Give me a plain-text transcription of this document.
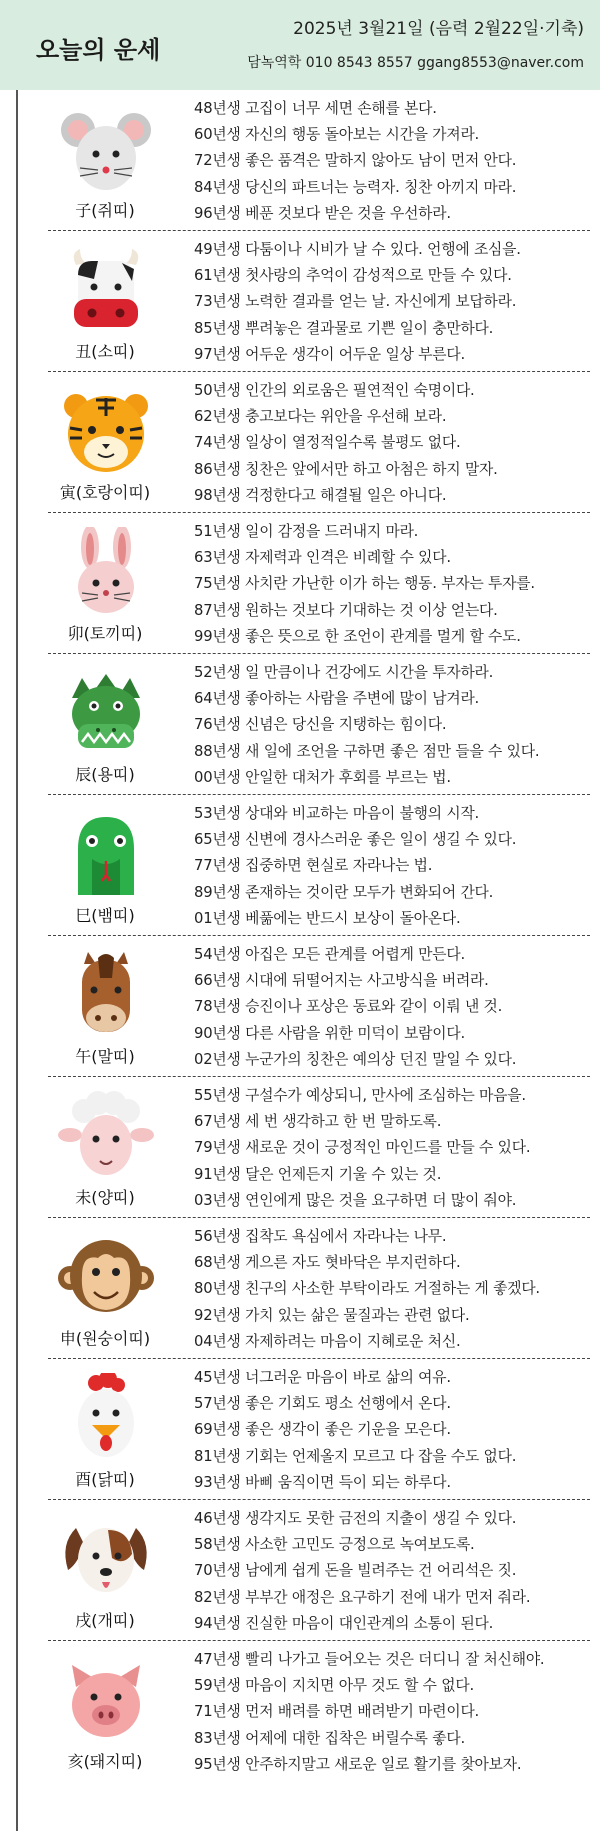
오늘의 운세
2025년 3월21일 (음력 2월22일·기축)
담녹역학 010 8543 8557 ggang8553@naver.com
子(쥐띠)
48년생 고집이 너무 세면 손해를 본다.
60년생 자신의 행동 돌아보는 시간을 가져라.
72년생 좋은 품격은 말하지 않아도 남이 먼저 안다.
84년생 당신의 파트너는 능력자. 칭찬 아끼지 마라.
96년생 베푼 것보다 받은 것을 우선하라.
丑(소띠)
49년생 다툼이나 시비가 날 수 있다. 언행에 조심을.
61년생 첫사랑의 추억이 감성적으로 만들 수 있다.
73년생 노력한 결과를 얻는 날. 자신에게 보답하라.
85년생 뿌려놓은 결과물로 기쁜 일이 충만하다.
97년생 어두운 생각이 어두운 일상 부른다.
寅(호랑이띠)
50년생 인간의 외로움은 필연적인 숙명이다.
62년생 충고보다는 위안을 우선해 보라.
74년생 일상이 열정적일수록 불평도 없다.
86년생 칭찬은 앞에서만 하고 아첨은 하지 말자.
98년생 걱정한다고 해결될 일은 아니다.
卯(토끼띠)
51년생 일이 감정을 드러내지 마라.
63년생 자제력과 인격은 비례할 수 있다.
75년생 사치란 가난한 이가 하는 행동. 부자는 투자를.
87년생 원하는 것보다 기대하는 것 이상 얻는다.
99년생 좋은 뜻으로 한 조언이 관계를 멀게 할 수도.
辰(용띠)
52년생 일 만큼이나 건강에도 시간을 투자하라.
64년생 좋아하는 사람을 주변에 많이 남겨라.
76년생 신념은 당신을 지탱하는 힘이다.
88년생 새 일에 조언을 구하면 좋은 점만 들을 수 있다.
00년생 안일한 대처가 후회를 부르는 법.
巳(뱀띠)
53년생 상대와 비교하는 마음이 불행의 시작.
65년생 신변에 경사스러운 좋은 일이 생길 수 있다.
77년생 집중하면 현실로 자라나는 법.
89년생 존재하는 것이란 모두가 변화되어 간다.
01년생 베풂에는 반드시 보상이 돌아온다.
午(말띠)
54년생 아집은 모든 관계를 어렵게 만든다.
66년생 시대에 뒤떨어지는 사고방식을 버려라.
78년생 승진이나 포상은 동료와 같이 이뤄 낸 것.
90년생 다른 사람을 위한 미덕이 보람이다.
02년생 누군가의 칭찬은 예의상 던진 말일 수 있다.
未(양띠)
55년생 구설수가 예상되니, 만사에 조심하는 마음을.
67년생 세 번 생각하고 한 번 말하도록.
79년생 새로운 것이 긍정적인 마인드를 만들 수 있다.
91년생 달은 언제든지 기울 수 있는 것.
03년생 연인에게 많은 것을 요구하면 더 많이 줘야.
申(원숭이띠)
56년생 집착도 욕심에서 자라나는 나무.
68년생 게으른 자도 혓바닥은 부지런하다.
80년생 친구의 사소한 부탁이라도 거절하는 게 좋겠다.
92년생 가치 있는 삶은 물질과는 관련 없다.
04년생 자제하려는 마음이 지혜로운 처신.
酉(닭띠)
45년생 너그러운 마음이 바로 삶의 여유.
57년생 좋은 기회도 평소 선행에서 온다.
69년생 좋은 생각이 좋은 기운을 모은다.
81년생 기회는 언제올지 모르고 다 잡을 수도 없다.
93년생 바삐 움직이면 득이 되는 하루다.
戌(개띠)
46년생 생각지도 못한 금전의 지출이 생길 수 있다.
58년생 사소한 고민도 긍정으로 녹여보도록.
70년생 남에게 쉽게 돈을 빌려주는 건 어리석은 짓.
82년생 부부간 애정은 요구하기 전에 내가 먼저 줘라.
94년생 진실한 마음이 대인관계의 소통이 된다.
亥(돼지띠)
47년생 빨리 나가고 들어오는 것은 더디니 잘 처신해야.
59년생 마음이 지치면 아무 것도 할 수 없다.
71년생 먼저 배려를 하면 배려받기 마련이다.
83년생 어제에 대한 집착은 버릴수록 좋다.
95년생 안주하지말고 새로운 일로 활기를 찾아보자.
